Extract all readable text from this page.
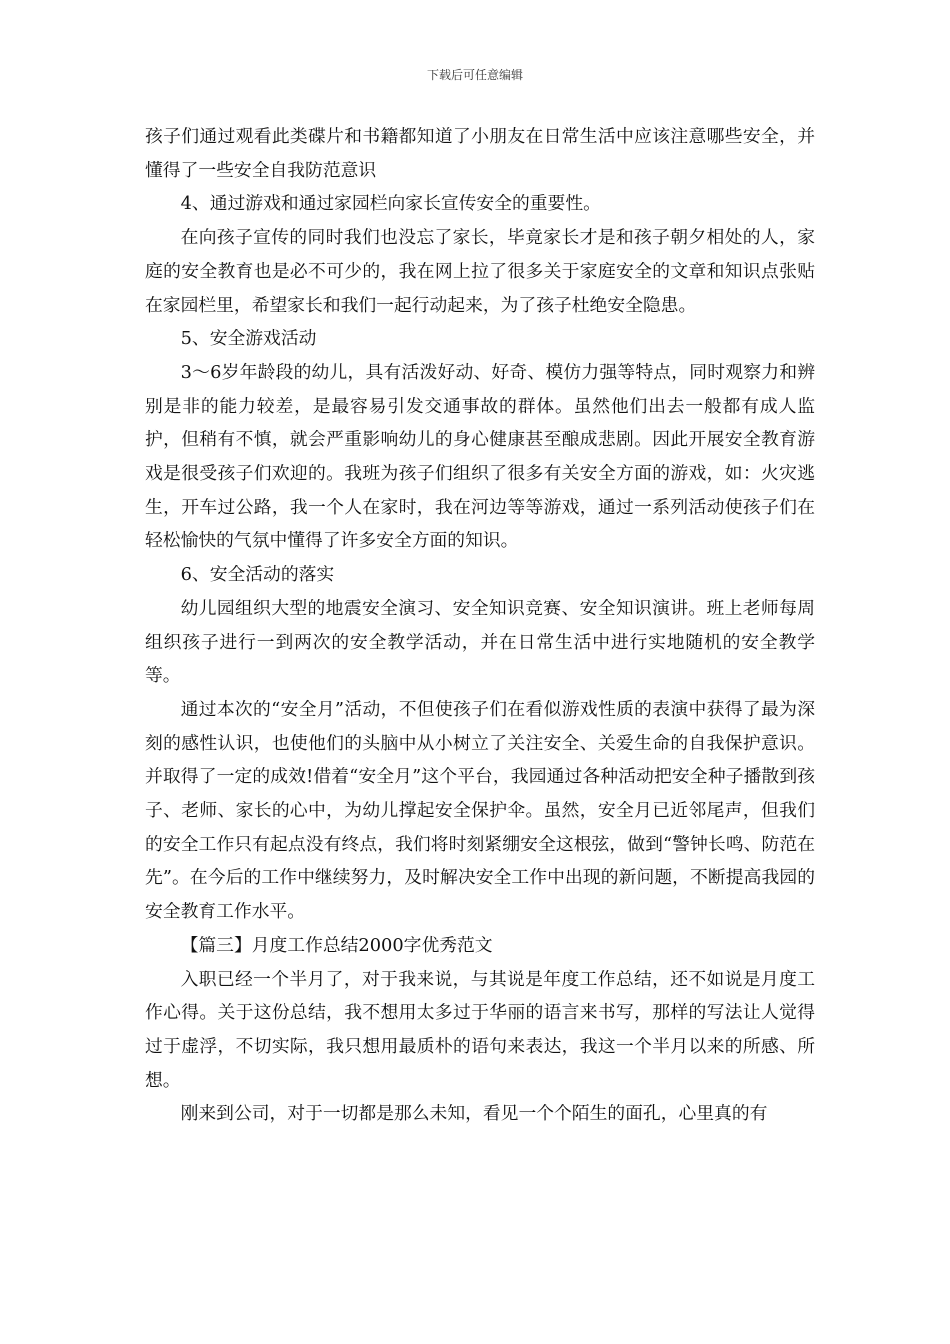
下载后可任意编辑

孩子们通过观看此类碟片和书籍都知道了小朋友在日常生活中应该注意哪些安全，并懂得了一些安全自我防范意识

4、通过游戏和通过家园栏向家长宣传安全的重要性。

在向孩子宣传的同时我们也没忘了家长，毕竟家长才是和孩子朝夕相处的人，家庭的安全教育也是必不可少的，我在网上拉了很多关于家庭安全的文章和知识点张贴在家园栏里，希望家长和我们一起行动起来，为了孩子杜绝安全隐患。

5、安全游戏活动

3～6岁年龄段的幼儿，具有活泼好动、好奇、模仿力强等特点，同时观察力和辨别是非的能力较差，是最容易引发交通事故的群体。虽然他们出去一般都有成人监护，但稍有不慎，就会严重影响幼儿的身心健康甚至酿成悲剧。因此开展安全教育游戏是很受孩子们欢迎的。我班为孩子们组织了很多有关安全方面的游戏，如：火灾逃生，开车过公路，我一个人在家时，我在河边等等游戏，通过一系列活动使孩子们在轻松愉快的气氛中懂得了许多安全方面的知识。

6、安全活动的落实

幼儿园组织大型的地震安全演习、安全知识竞赛、安全知识演讲。班上老师每周组织孩子进行一到两次的安全教学活动，并在日常生活中进行实地随机的安全教学等。

通过本次的“安全月”活动，不但使孩子们在看似游戏性质的表演中获得了最为深刻的感性认识，也使他们的头脑中从小树立了关注安全、关爱生命的自我保护意识。并取得了一定的成效!借着“安全月”这个平台，我园通过各种活动把安全种子播散到孩子、老师、家长的心中，为幼儿撑起安全保护伞。虽然，安全月已近邻尾声，但我们的安全工作只有起点没有终点，我们将时刻紧绷安全这根弦，做到“警钟长鸣、防范在先”。在今后的工作中继续努力，及时解决安全工作中出现的新问题，不断提高我园的安全教育工作水平。

【篇三】月度工作总结2000字优秀范文

入职已经一个半月了，对于我来说，与其说是年度工作总结，还不如说是月度工作心得。关于这份总结，我不想用太多过于华丽的语言来书写，那样的写法让人觉得过于虚浮，不切实际，我只想用最质朴的语句来表达，我这一个半月以来的所感、所想。

刚来到公司，对于一切都是那么未知，看见一个个陌生的面孔，心里真的有
